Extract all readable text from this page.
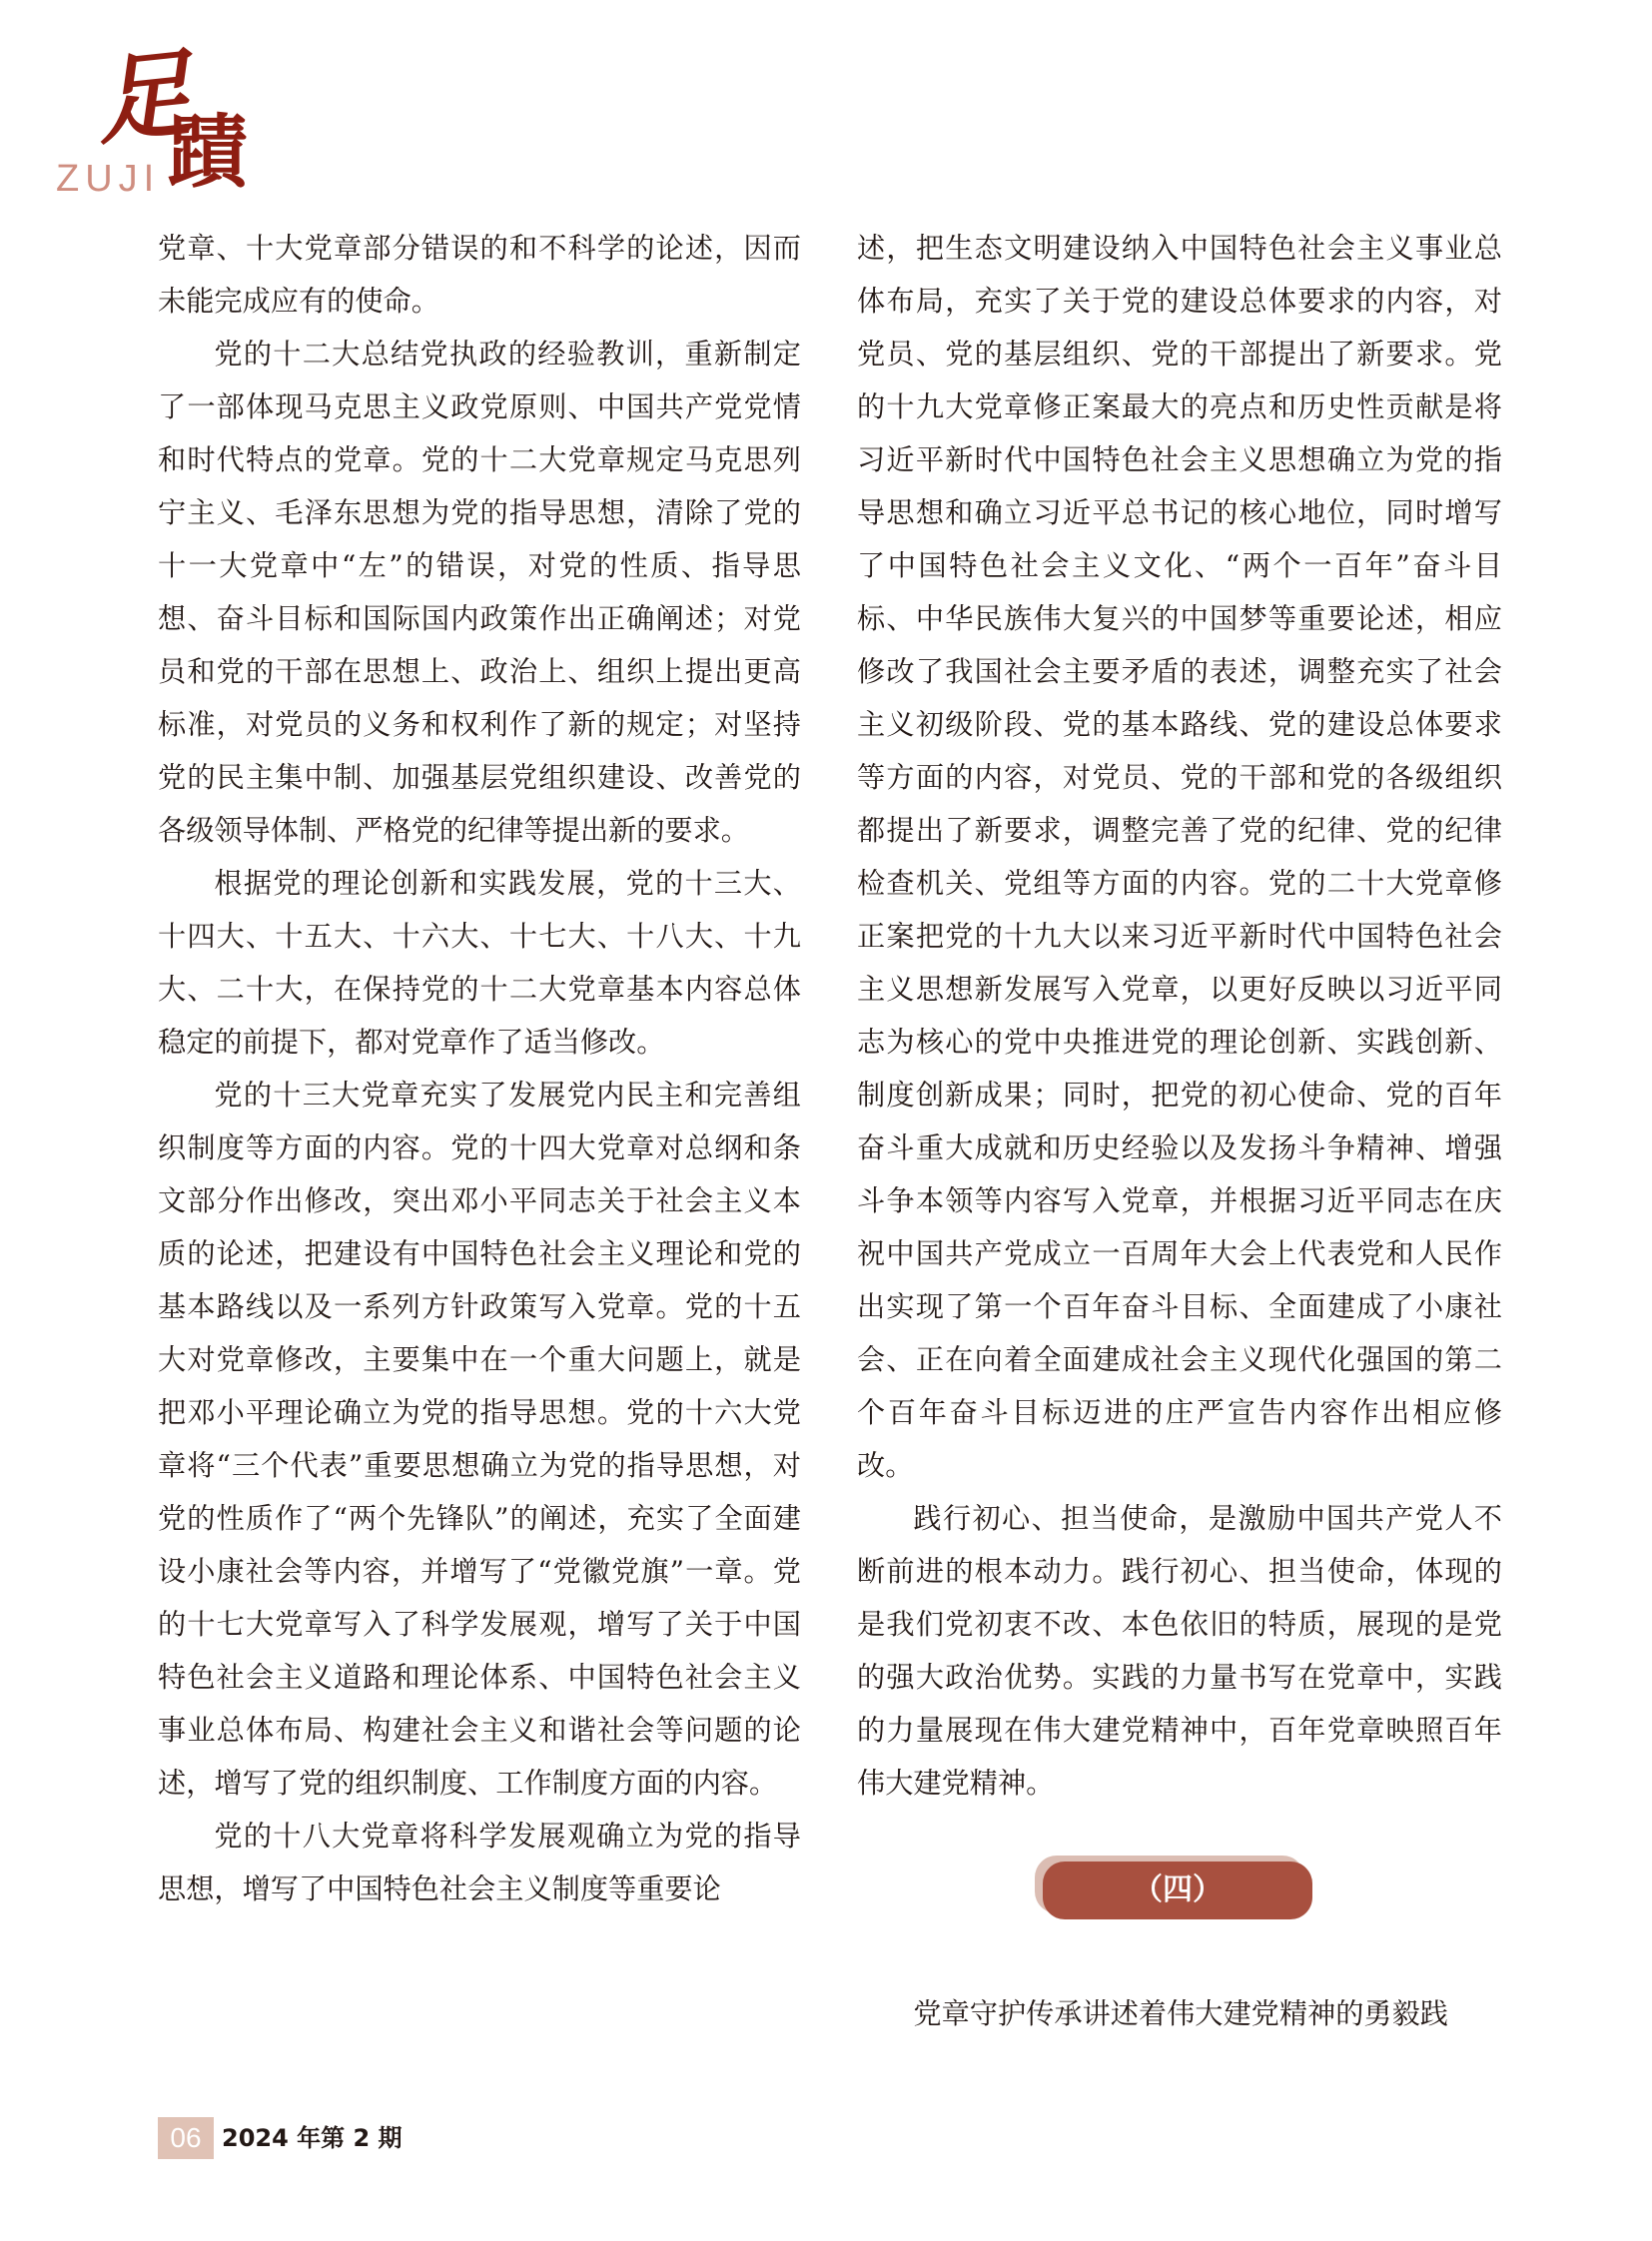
足
蹟
ZUJI

党章、十大党章部分错误的和不科学的论述，因而未能完成应有的使命。

党的十二大总结党执政的经验教训，重新制定了一部体现马克思主义政党原则、中国共产党党情和时代特点的党章。党的十二大党章规定马克思列宁主义、毛泽东思想为党的指导思想，清除了党的十一大党章中“左”的错误，对党的性质、指导思想、奋斗目标和国际国内政策作出正确阐述；对党员和党的干部在思想上、政治上、组织上提出更高标准，对党员的义务和权利作了新的规定；对坚持党的民主集中制、加强基层党组织建设、改善党的各级领导体制、严格党的纪律等提出新的要求。

根据党的理论创新和实践发展，党的十三大、十四大、十五大、十六大、十七大、十八大、十九大、二十大，在保持党的十二大党章基本内容总体稳定的前提下，都对党章作了适当修改。

党的十三大党章充实了发展党内民主和完善组织制度等方面的内容。党的十四大党章对总纲和条文部分作出修改，突出邓小平同志关于社会主义本质的论述，把建设有中国特色社会主义理论和党的基本路线以及一系列方针政策写入党章。党的十五大对党章修改，主要集中在一个重大问题上，就是把邓小平理论确立为党的指导思想。党的十六大党章将“三个代表”重要思想确立为党的指导思想，对党的性质作了“两个先锋队”的阐述，充实了全面建设小康社会等内容，并增写了“党徽党旗”一章。党的十七大党章写入了科学发展观，增写了关于中国特色社会主义道路和理论体系、中国特色社会主义事业总体布局、构建社会主义和谐社会等问题的论述，增写了党的组织制度、工作制度方面的内容。

党的十八大党章将科学发展观确立为党的指导思想，增写了中国特色社会主义制度等重要论

述，把生态文明建设纳入中国特色社会主义事业总体布局，充实了关于党的建设总体要求的内容，对党员、党的基层组织、党的干部提出了新要求。党的十九大党章修正案最大的亮点和历史性贡献是将习近平新时代中国特色社会主义思想确立为党的指导思想和确立习近平总书记的核心地位，同时增写了中国特色社会主义文化、“两个一百年”奋斗目标、中华民族伟大复兴的中国梦等重要论述，相应修改了我国社会主要矛盾的表述，调整充实了社会主义初级阶段、党的基本路线、党的建设总体要求等方面的内容，对党员、党的干部和党的各级组织都提出了新要求，调整完善了党的纪律、党的纪律检查机关、党组等方面的内容。党的二十大党章修正案把党的十九大以来习近平新时代中国特色社会主义思想新发展写入党章，以更好反映以习近平同志为核心的党中央推进党的理论创新、实践创新、制度创新成果；同时，把党的初心使命、党的百年奋斗重大成就和历史经验以及发扬斗争精神、增强斗争本领等内容写入党章，并根据习近平同志在庆祝中国共产党成立一百周年大会上代表党和人民作出实现了第一个百年奋斗目标、全面建成了小康社会、正在向着全面建成社会主义现代化强国的第二个百年奋斗目标迈进的庄严宣告内容作出相应修改。

践行初心、担当使命，是激励中国共产党人不断前进的根本动力。践行初心、担当使命，体现的是我们党初衷不改、本色依旧的特质，展现的是党的强大政治优势。实践的力量书写在党章中，实践的力量展现在伟大建党精神中，百年党章映照百年伟大建党精神。

（四）

党章守护传承讲述着伟大建党精神的勇毅践

06 2024 年第 2 期
